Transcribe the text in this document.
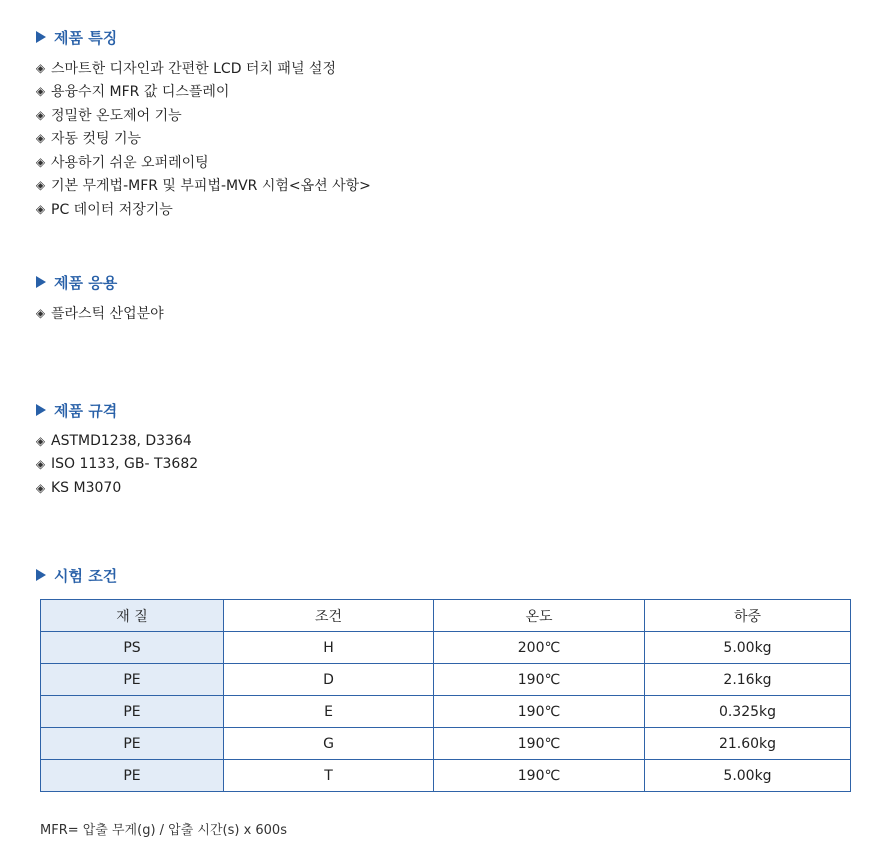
제품 특징
◈ 스마트한 디자인과 간편한 LCD 터치 패널 설정
◈ 용융수지 MFR 값 디스플레이
◈ 정밀한 온도제어 기능
◈ 자동 컷팅 기능
◈ 사용하기 쉬운 오퍼레이팅
◈ 기본 무게법-MFR 및 부피법-MVR 시험<옵션 사항>
◈ PC 데이터 저장기능
제품 응용
◈ 플라스틱 산업분야
제품 규격
◈ ASTMD1238, D3364
◈ ISO 1133, GB- T3682
◈ KS M3070
시험 조건
재 질	조건	온도	하중
PS	H	200℃	5.00kg
PE	D	190℃	2.16kg
PE	E	190℃	0.325kg
PE	G	190℃	21.60kg
PE	T	190℃	5.00kg
MFR= 압출 무게(g) / 압출 시간(s) x 600s
